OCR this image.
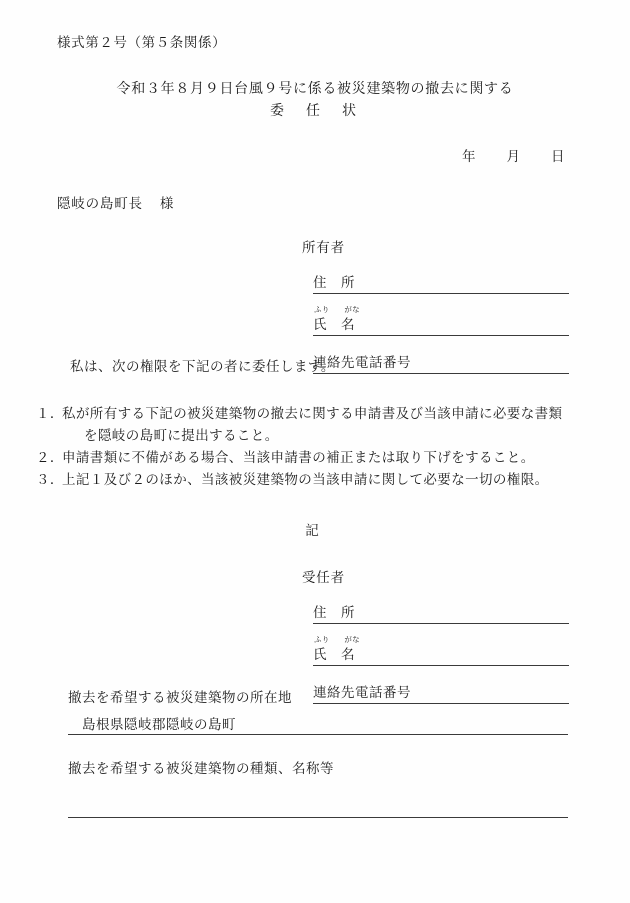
様式第２号（第５条関係）
令和３年８月９日台風９号に係る被災建築物の撤去に関する
委　任　状
年 月 日
隠岐の島町長 様
所有者
住　所
ふり がな
氏　名
連絡先電話番号
私は、次の権限を下記の者に委任します。
１．
私が所有する下記の被災建築物の撤去に関する申請書及び当該申請に必要な書類
を隠岐の島町に提出すること。
２．
申請書類に不備がある場合、当該申請書の補正または取り下げをすること。
３．
上記１及び２のほか、当該被災建築物の当該申請に関して必要な一切の権限。
記
受任者
住　所
ふり がな
氏　名
連絡先電話番号
撤去を希望する被災建築物の所在地
島根県隠岐郡隠岐の島町
撤去を希望する被災建築物の種類、名称等
